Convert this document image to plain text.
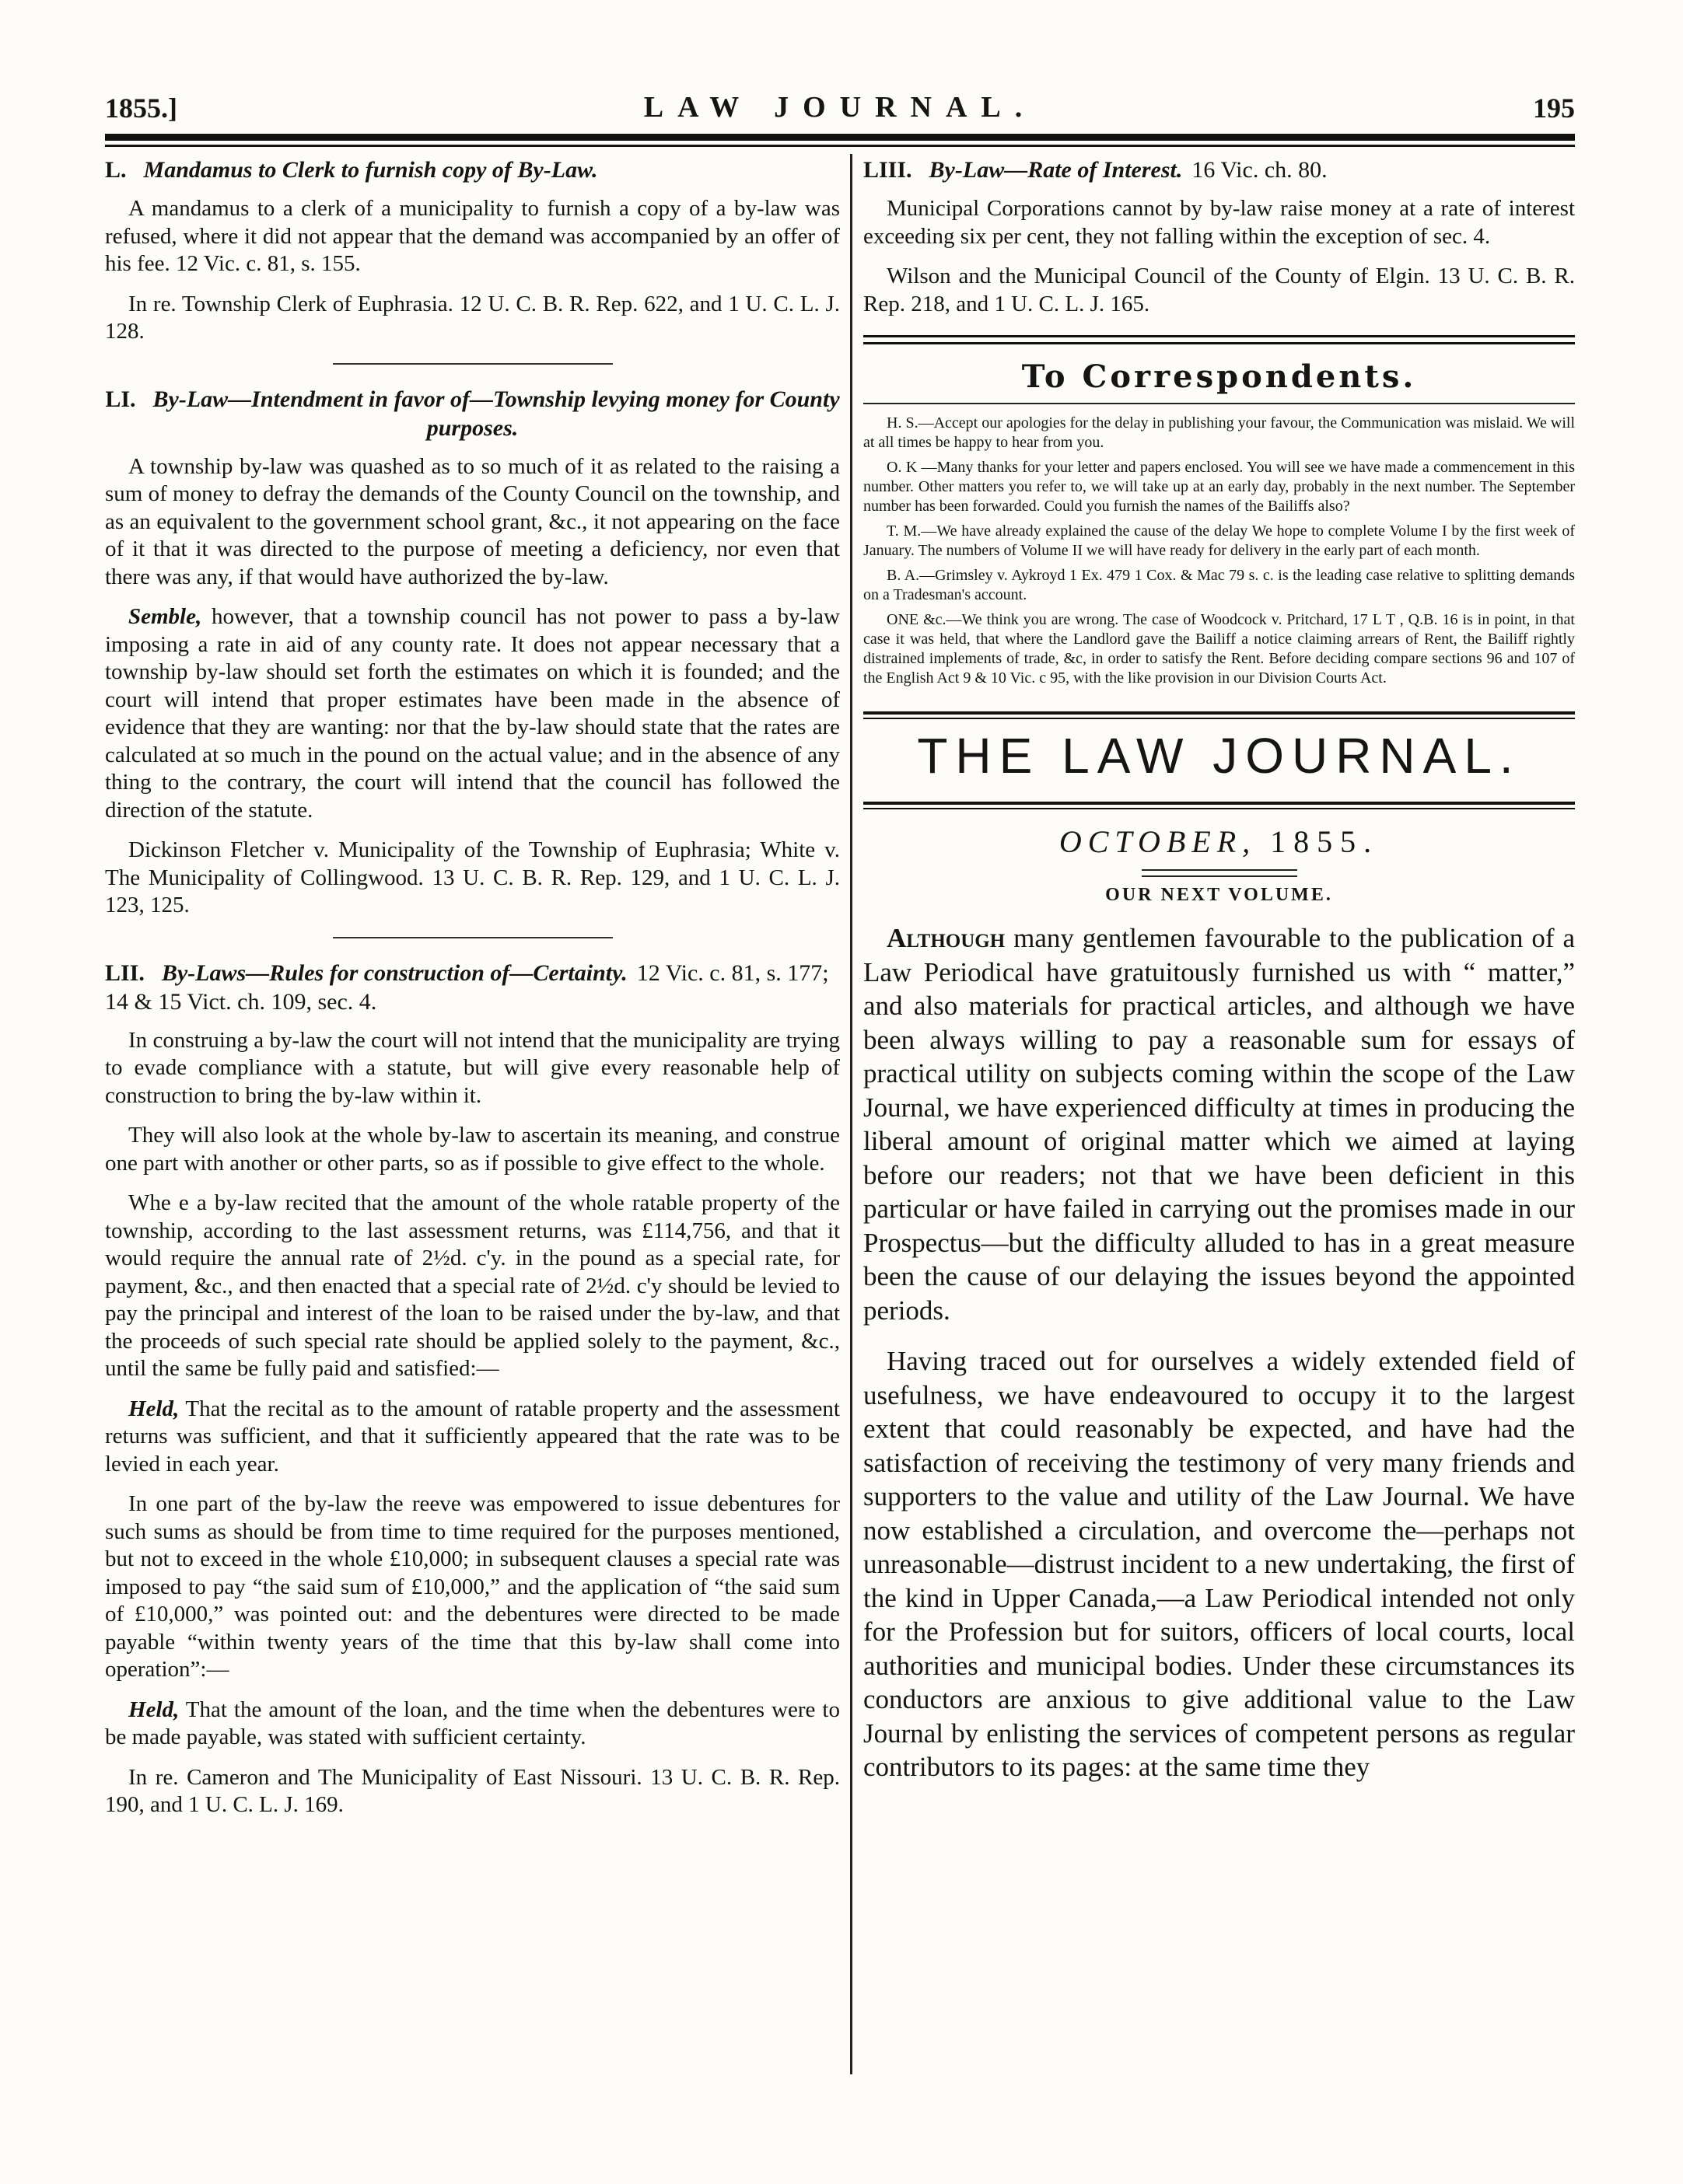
1855.]	LAW JOURNAL.	195
L. Mandamus to Clerk to furnish copy of By-Law.

A mandamus to a clerk of a municipality to furnish a copy of a by-law was refused, where it did not appear that the demand was accompanied by an offer of his fee. 12 Vic. c. 81, s. 155.

In re. Township Clerk of Euphrasia. 12 U. C. B. R. Rep. 622, and 1 U. C. L. J. 128.

LI. By-Law—Intendment in favor of—Township levying money for County purposes.

A township by-law was quashed as to so much of it as related to the raising a sum of money to defray the demands of the County Council on the township, and as an equivalent to the government school grant, &c., it not appearing on the face of it that it was directed to the purpose of meeting a deficiency, nor even that there was any, if that would have authorized the by-law.

Semble, however, that a township council has not power to pass a by-law imposing a rate in aid of any county rate. It does not appear necessary that a township by-law should set forth the estimates on which it is founded; and the court will intend that proper estimates have been made in the absence of evidence that they are wanting: nor that the by-law should state that the rates are calculated at so much in the pound on the actual value; and in the absence of any thing to the contrary, the court will intend that the council has followed the direction of the statute.

Dickinson Fletcher v. Municipality of the Township of Euphrasia; White v. The Municipality of Collingwood. 13 U. C. B. R. Rep. 129, and 1 U. C. L. J. 123, 125.

LII. By-Laws—Rules for construction of—Certainty. 12 Vic. c. 81, s. 177; 14 & 15 Vict. ch. 109, sec. 4.

In construing a by-law the court will not intend that the municipality are trying to evade compliance with a statute, but will give every reasonable help of construction to bring the by-law within it.

They will also look at the whole by-law to ascertain its meaning, and construe one part with another or other parts, so as if possible to give effect to the whole.

Whe e a by-law recited that the amount of the whole ratable property of the township, according to the last assessment returns, was £114,756, and that it would require the annual rate of 2½d. c'y. in the pound as a special rate, for payment, &c., and then enacted that a special rate of 2½d. c'y should be levied to pay the principal and interest of the loan to be raised under the by-law, and that the proceeds of such special rate should be applied solely to the payment, &c., until the same be fully paid and satisfied:—

Held, That the recital as to the amount of ratable property and the assessment returns was sufficient, and that it sufficiently appeared that the rate was to be levied in each year.

In one part of the by-law the reeve was empowered to issue debentures for such sums as should be from time to time required for the purposes mentioned, but not to exceed in the whole £10,000; in subsequent clauses a special rate was imposed to pay “the said sum of £10,000,” and the application of “the said sum of £10,000,” was pointed out: and the debentures were directed to be made payable “within twenty years of the time that this by-law shall come into operation”:—

Held, That the amount of the loan, and the time when the debentures were to be made payable, was stated with sufficient certainty.

In re. Cameron and The Municipality of East Nissouri. 13 U. C. B. R. Rep. 190, and 1 U. C. L. J. 169.

LIII. By-Law—Rate of Interest. 16 Vic. ch. 80.

Municipal Corporations cannot by by-law raise money at a rate of interest exceeding six per cent, they not falling within the exception of sec. 4.

Wilson and the Municipal Council of the County of Elgin. 13 U. C. B. R. Rep. 218, and 1 U. C. L. J. 165.

To Correspondents.

H. S.—Accept our apologies for the delay in publishing your favour, the Communication was mislaid. We will at all times be happy to hear from you.

O. K —Many thanks for your letter and papers enclosed. You will see we have made a commencement in this number. Other matters you refer to, we will take up at an early day, probably in the next number. The September number has been forwarded. Could you furnish the names of the Bailiffs also?

T. M.—We have already explained the cause of the delay We hope to complete Volume I by the first week of January. The numbers of Volume II we will have ready for delivery in the early part of each month.

B. A.—Grimsley v. Aykroyd 1 Ex. 479 1 Cox. & Mac 79 s. c. is the leading case relative to splitting demands on a Tradesman's account.

ONE &c.—We think you are wrong. The case of Woodcock v. Pritchard, 17 L T , Q.B. 16 is in point, in that case it was held, that where the Landlord gave the Bailiff a notice claiming arrears of Rent, the Bailiff rightly distrained implements of trade, &c, in order to satisfy the Rent. Before deciding compare sections 96 and 107 of the English Act 9 & 10 Vic. c 95, with the like provision in our Division Courts Act.

THE LAW JOURNAL.
OCTOBER, 1855.
OUR NEXT VOLUME.

Although many gentlemen favourable to the publication of a Law Periodical have gratuitously furnished us with “ matter,” and also materials for practical articles, and although we have been always willing to pay a reasonable sum for essays of practical utility on subjects coming within the scope of the Law Journal, we have experienced difficulty at times in producing the liberal amount of original matter which we aimed at laying before our readers; not that we have been deficient in this particular or have failed in carrying out the promises made in our Prospectus—but the difficulty alluded to has in a great measure been the cause of our delaying the issues beyond the appointed periods.

Having traced out for ourselves a widely extended field of usefulness, we have endeavoured to occupy it to the largest extent that could reasonably be expected, and have had the satisfaction of receiving the testimony of very many friends and supporters to the value and utility of the Law Journal. We have now established a circulation, and overcome the—perhaps not unreasonable—distrust incident to a new undertaking, the first of the kind in Upper Canada,—a Law Periodical intended not only for the Profession but for suitors, officers of local courts, local authorities and municipal bodies. Under these circumstances its conductors are anxious to give additional value to the Law Journal by enlisting the services of competent persons as regular contributors to its pages: at the same time they
